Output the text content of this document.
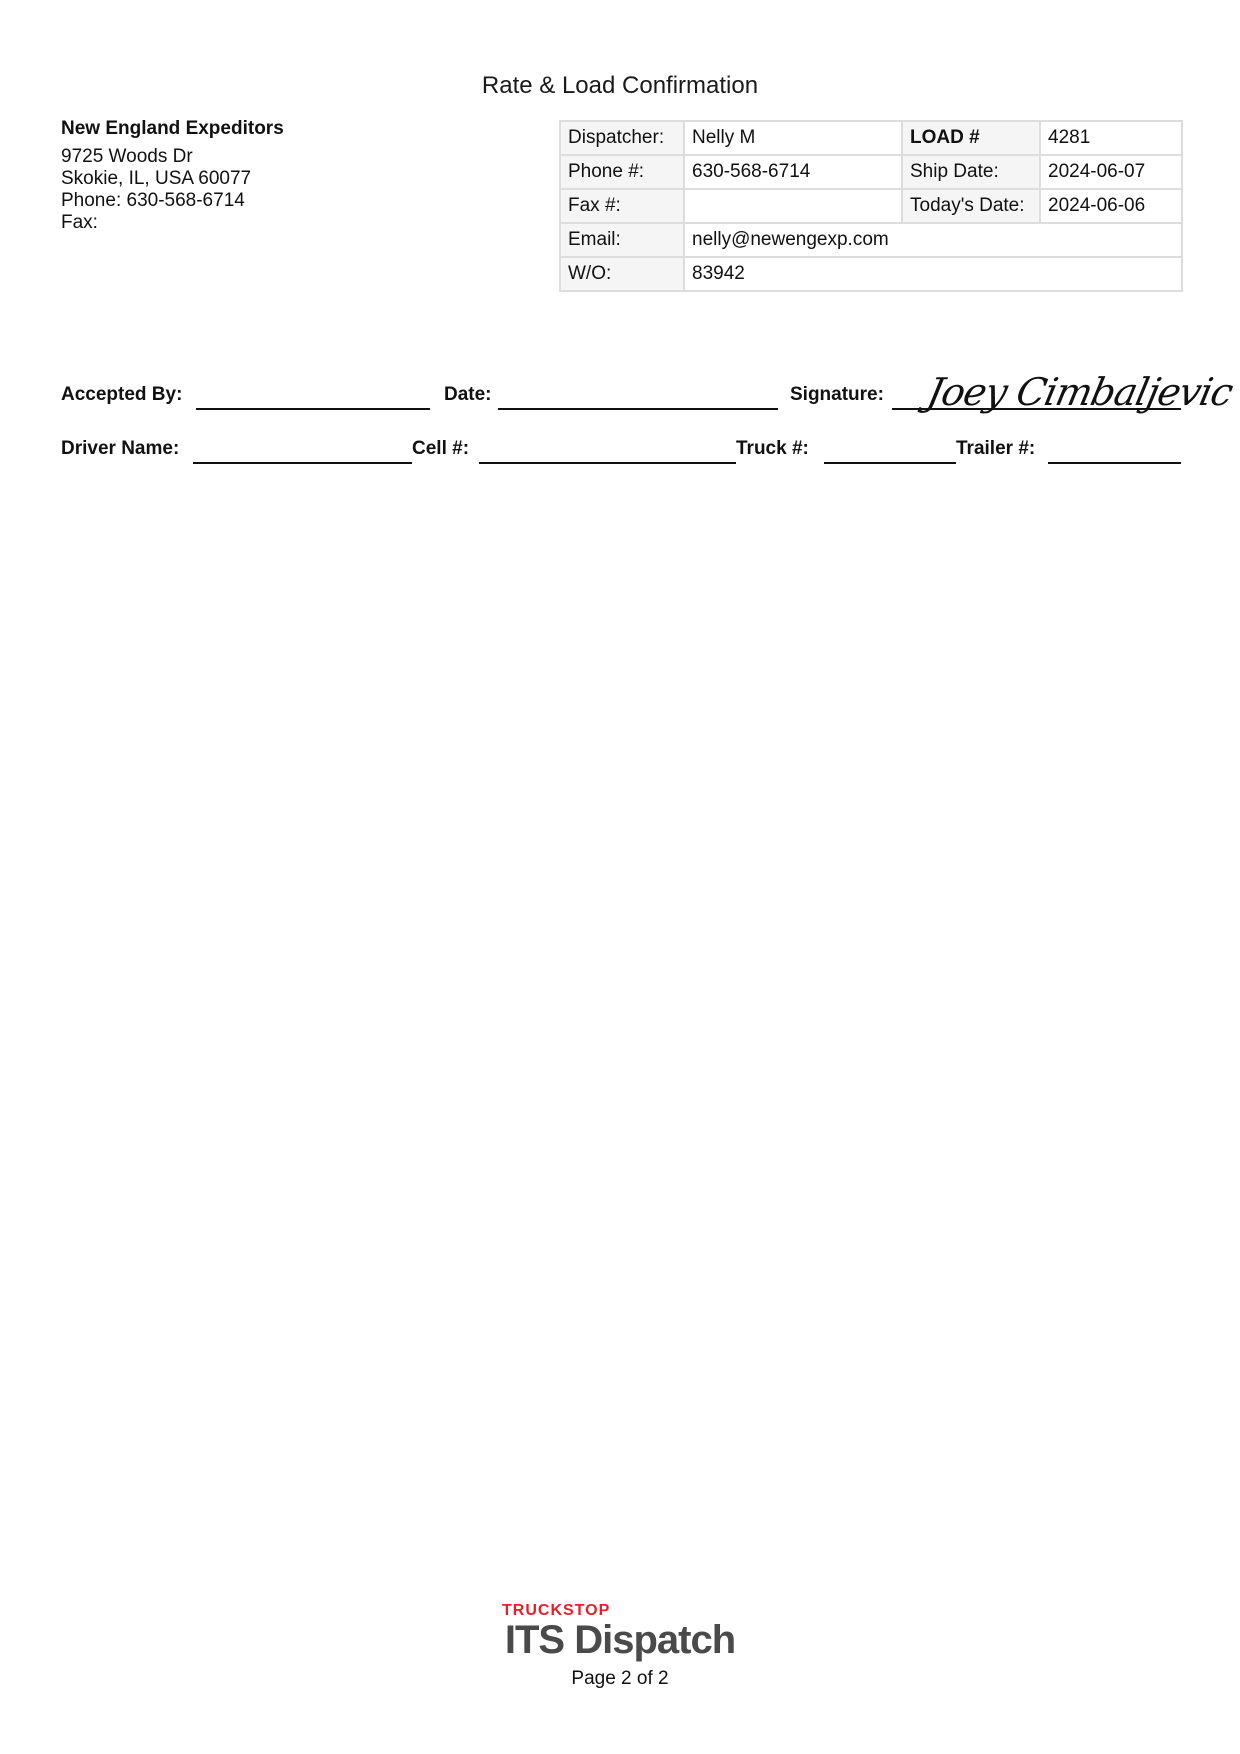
Rate & Load Confirmation
New England Expeditors
9725 Woods Dr
Skokie, IL, USA 60077
Phone: 630-568-6714
Fax:
Dispatcher:	Nelly M	LOAD #	4281
Phone #:	630-568-6714	Ship Date:	2024-06-07
Fax #:		Today's Date:	2024-06-06
Email:	nelly@newengexp.com		
W/O:	83942		
Accepted By:	Date:	Signature: Joey Cimbaljevic
Driver Name:	Cell #:	Truck #:	Trailer #:
TRUCKSTOP
ITS Dispatch
Page 2 of 2
